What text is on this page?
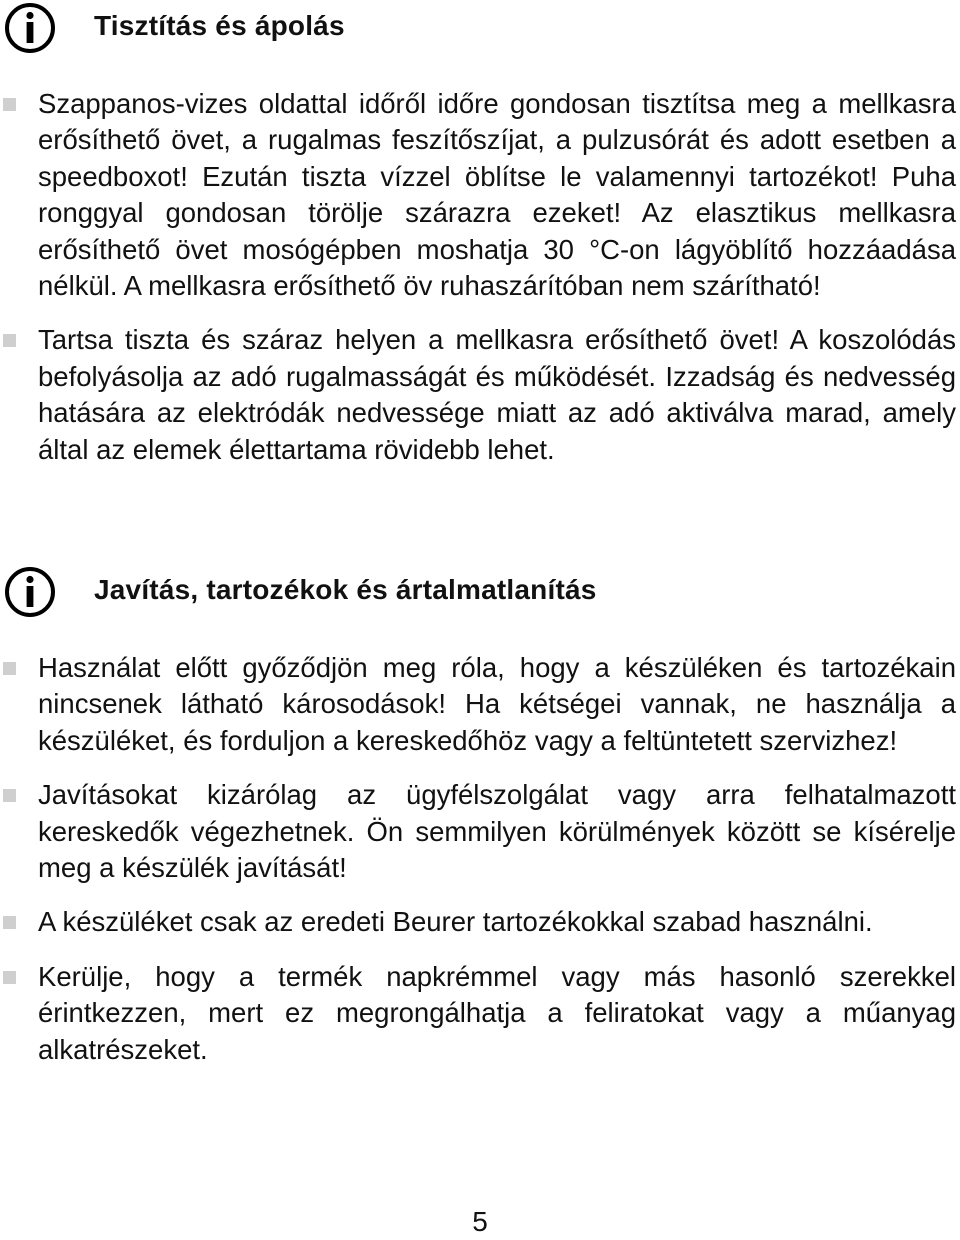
Tisztítás és ápolás
Szappanos-vizes oldattal időről időre gondosan tisztítsa meg a mellkasra erősíthető övet, a rugalmas feszítőszíjat, a pulzusórát és adott esetben a speedboxot! Ezután tiszta vízzel öblítse le valamennyi tartozékot! Puha ronggyal gondosan törölje szárazra ezeket! Az elasztikus mellkasra erősíthető övet mosógépben moshatja 30 °C-on lágyöblítő hozzáadása nélkül. A mellkasra erősíthető öv ruhaszárítóban nem szárítható!
Tartsa tiszta és száraz helyen a mellkasra erősíthető övet! A koszolódás befolyásolja az adó rugalmasságát és működését. Izzadság és nedvesség hatására az elektródák nedvessége miatt az adó aktiválva marad, amely által az elemek élettartama rövidebb lehet.
Javítás, tartozékok és ártalmatlanítás
Használat előtt győződjön meg róla, hogy a készüléken és tartozékain nincsenek látható károsodások! Ha kétségei vannak, ne használja a készüléket, és forduljon a kereskedőhöz vagy a feltüntetett szervizhez!
Javításokat kizárólag az ügyfélszolgálat vagy arra felhatalmazott kereskedők végezhetnek. Ön semmilyen körülmények között se kísérelje meg a készülék javítását!
A készüléket csak az eredeti Beurer tartozékokkal szabad használni.
Kerülje, hogy a termék napkrémmel vagy más hasonló szerekkel érintkezzen, mert ez megrongálhatja a feliratokat vagy a műanyag alkatrészeket.
5
